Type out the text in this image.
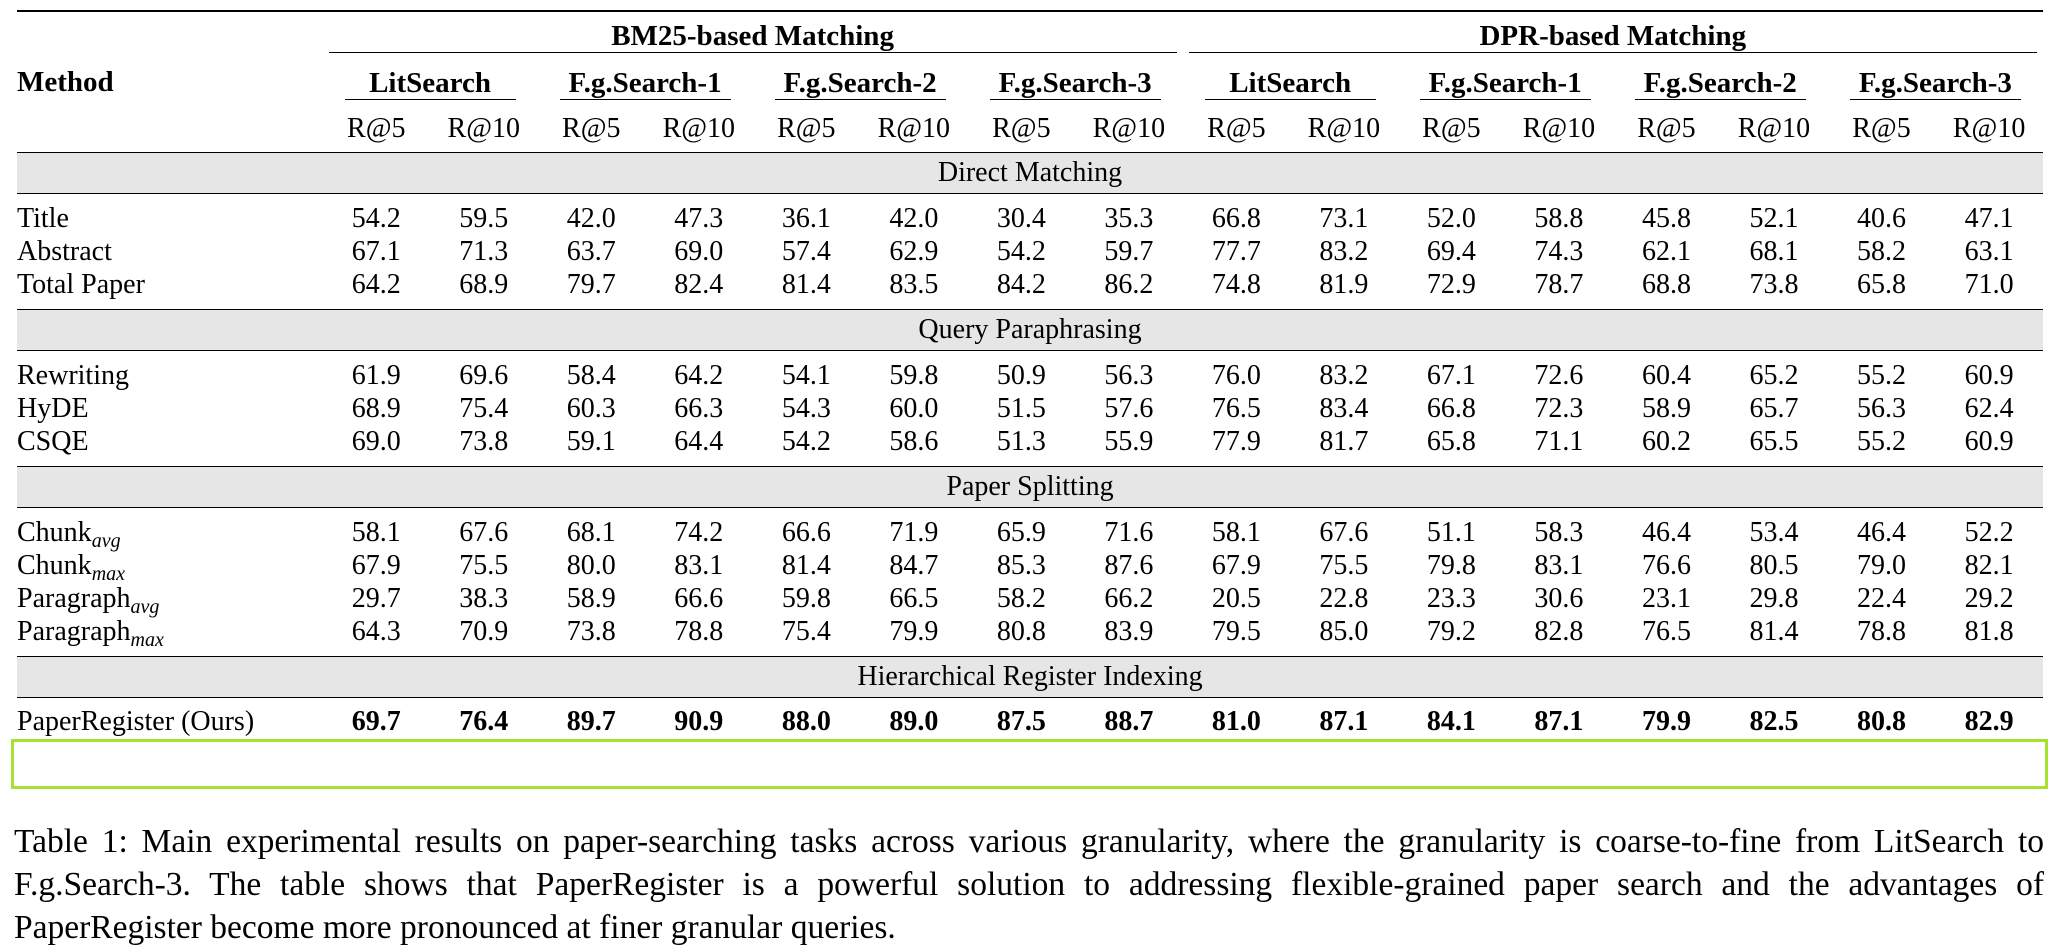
Method	BM25-based Matching								DPR-based Matching							

	LitSearch		F.g.Search-1		F.g.Search-2		F.g.Search-3		LitSearch		F.g.Search-1		F.g.Search-2		F.g.Search-3	

	R@5	R@10	R@5	R@10	R@5	R@10	R@5	R@10	R@5	R@10	R@5	R@10	R@5	R@10	R@5	R@10
Direct Matching																

Title	54.2	59.5	42.0	47.3	36.1	42.0	30.4	35.3	66.8	73.1	52.0	58.8	45.8	52.1	40.6	47.1
Abstract	67.1	71.3	63.7	69.0	57.4	62.9	54.2	59.7	77.7	83.2	69.4	74.3	62.1	68.1	58.2	63.1
Total Paper	64.2	68.9	79.7	82.4	81.4	83.5	84.2	86.2	74.8	81.9	72.9	78.7	68.8	73.8	65.8	71.0

Query Paraphrasing																

Rewriting	61.9	69.6	58.4	64.2	54.1	59.8	50.9	56.3	76.0	83.2	67.1	72.6	60.4	65.2	55.2	60.9
HyDE	68.9	75.4	60.3	66.3	54.3	60.0	51.5	57.6	76.5	83.4	66.8	72.3	58.9	65.7	56.3	62.4
CSQE	69.0	73.8	59.1	64.4	54.2	58.6	51.3	55.9	77.9	81.7	65.8	71.1	60.2	65.5	55.2	60.9

Paper Splitting																

Chunk$_{avg}$	58.1	67.6	68.1	74.2	66.6	71.9	65.9	71.6	58.1	67.6	51.1	58.3	46.4	53.4	46.4	52.2
Chunk$_{max}$	67.9	75.5	80.0	83.1	81.4	84.7	85.3	87.6	67.9	75.5	79.8	83.1	76.6	80.5	79.0	82.1
Paragraph$_{avg}$	29.7	38.3	58.9	66.6	59.8	66.5	58.2	66.2	20.5	22.8	23.3	30.6	23.1	29.8	22.4	29.2
Paragraph$_{max}$	64.3	70.9	73.8	78.8	75.4	79.9	80.8	83.9	79.5	85.0	79.2	82.8	76.5	81.4	78.8	81.8

Hierarchical Register Indexing																
PaperRegister (Ours)	69.7	76.4	89.7	90.9	88.0	89.0	87.5	88.7	81.0	87.1	84.1	87.1	79.9	82.5	80.8	82.9
Table 1: Main experimental results on paper-searching tasks across various granularity, where the granularity is coarse-to-fine from LitSearch to F.g.Search-3. The table shows that PaperRegister is a powerful solution to addressing flexible-grained paper search and the advantages of PaperRegister become more pronounced at finer granular queries.
